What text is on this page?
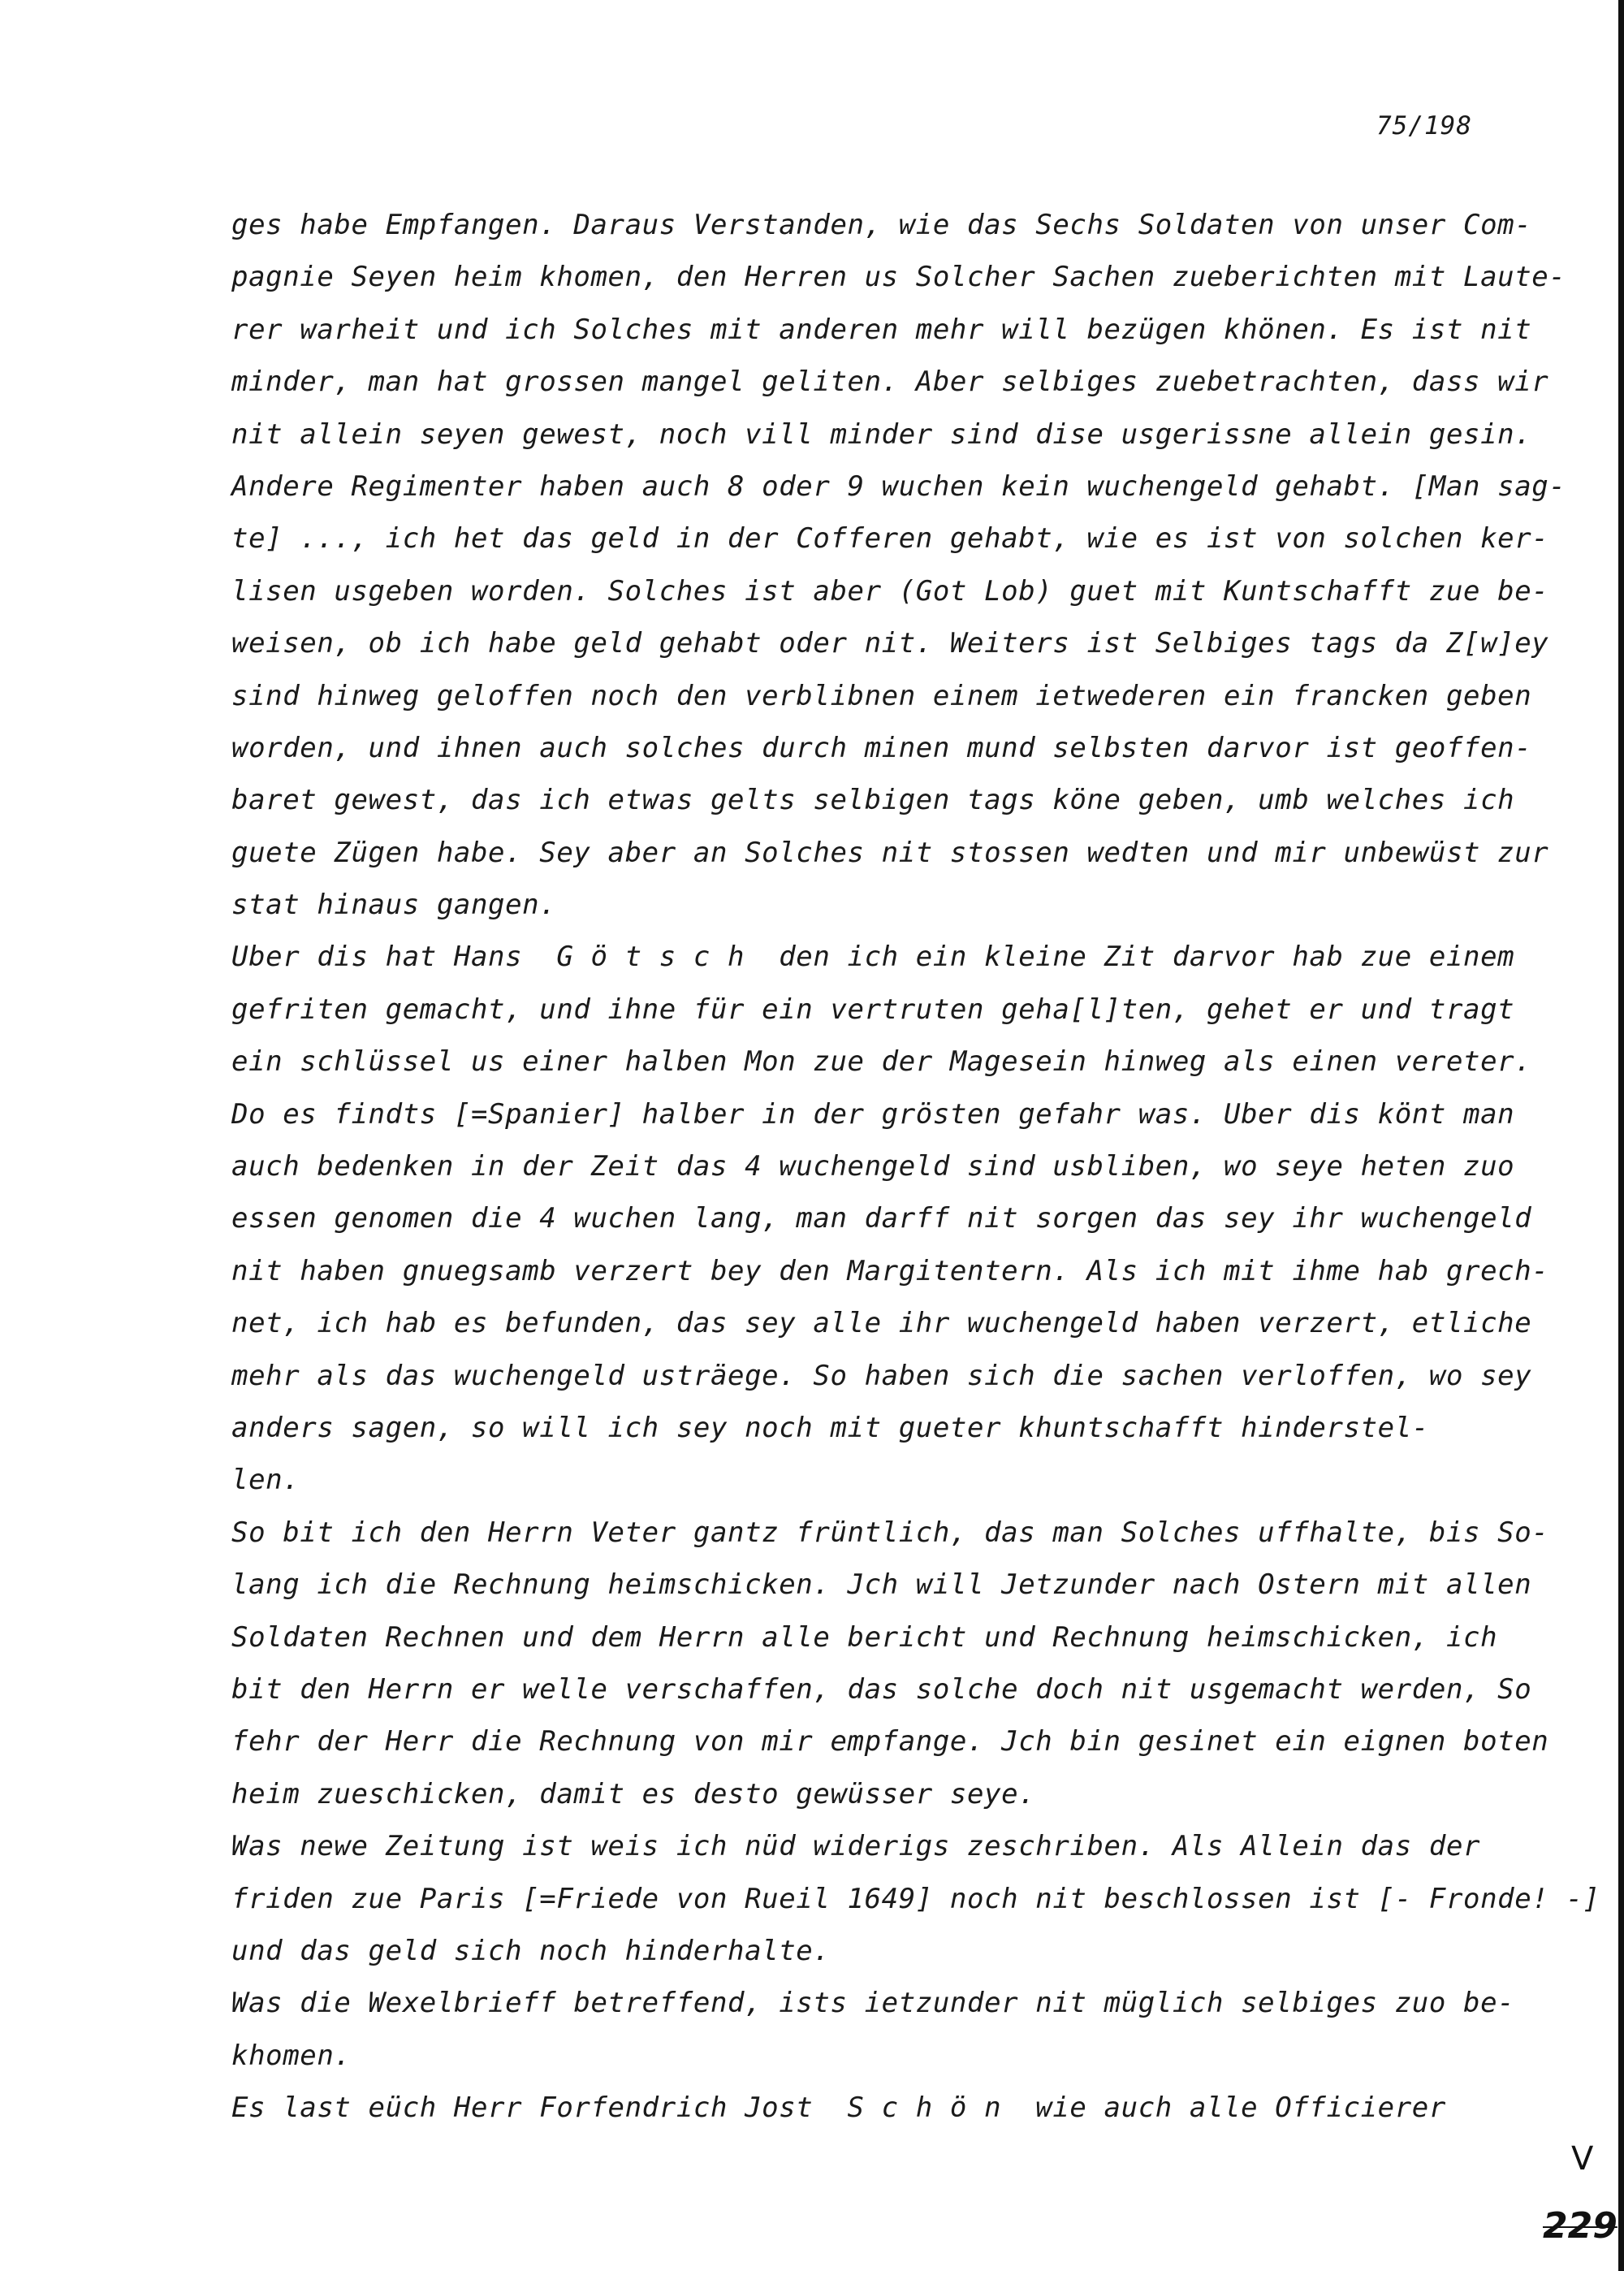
75/198
ges habe Empfangen. Daraus Verstanden, wie das Sechs Soldaten von unser Com-
pagnie Seyen heim khomen, den Herren us Solcher Sachen zueberichten mit Laute-
rer warheit und ich Solches mit anderen mehr will bezügen khönen. Es ist nit
minder, man hat grossen mangel geliten. Aber selbiges zuebetrachten, dass wir
nit allein seyen gewest, noch vill minder sind dise usgerissne allein gesin.
Andere Regimenter haben auch 8 oder 9 wuchen kein wuchengeld gehabt. [Man sag-
te] ..., ich het das geld in der Cofferen gehabt, wie es ist von solchen ker-
lisen usgeben worden. Solches ist aber (Got Lob) guet mit Kuntschafft zue be-
weisen, ob ich habe geld gehabt oder nit. Weiters ist Selbiges tags da Z[w]ey
sind hinweg geloffen noch den verblibnen einem ietwederen ein francken geben
worden, und ihnen auch solches durch minen mund selbsten darvor ist geoffen-
baret gewest, das ich etwas gelts selbigen tags köne geben, umb welches ich
guete Zügen habe. Sey aber an Solches nit stossen wedten und mir unbewüst zur
stat hinaus gangen.
Uber dis hat Hans  G ö t s c h  den ich ein kleine Zit darvor hab zue einem
gefriten gemacht, und ihne für ein vertruten geha[l]ten, gehet er und tragt
ein schlüssel us einer halben Mon zue der Magesein hinweg als einen vereter.
Do es findts [=Spanier] halber in der grösten gefahr was. Uber dis könt man
auch bedenken in der Zeit das 4 wuchengeld sind usbliben, wo seye heten zuo
essen genomen die 4 wuchen lang, man darff nit sorgen das sey ihr wuchengeld
nit haben gnuegsamb verzert bey den Margitentern. Als ich mit ihme hab grech-
net, ich hab es befunden, das sey alle ihr wuchengeld haben verzert, etliche
mehr als das wuchengeld usträege. So haben sich die sachen verloffen, wo sey
anders sagen, so will ich sey noch mit gueter khuntschafft hinderstel-
len.
So bit ich den Herrn Veter gantz früntlich, das man Solches uffhalte, bis So-
lang ich die Rechnung heimschicken. Jch will Jetzunder nach Ostern mit allen
Soldaten Rechnen und dem Herrn alle bericht und Rechnung heimschicken, ich
bit den Herrn er welle verschaffen, das solche doch nit usgemacht werden, So
fehr der Herr die Rechnung von mir empfange. Jch bin gesinet ein eignen boten
heim zueschicken, damit es desto gewüsser seye.
Was newe Zeitung ist weis ich nüd widerigs zeschriben. Als Allein das der
friden zue Paris [=Friede von Rueil 1649] noch nit beschlossen ist [- Fronde! -]
und das geld sich noch hinderhalte.
Was die Wexelbrieff betreffend, ists ietzunder nit müglich selbiges zuo be-
khomen.
Es last eüch Herr Forfendrich Jost  S c h ö n  wie auch alle Officierer
V
229
